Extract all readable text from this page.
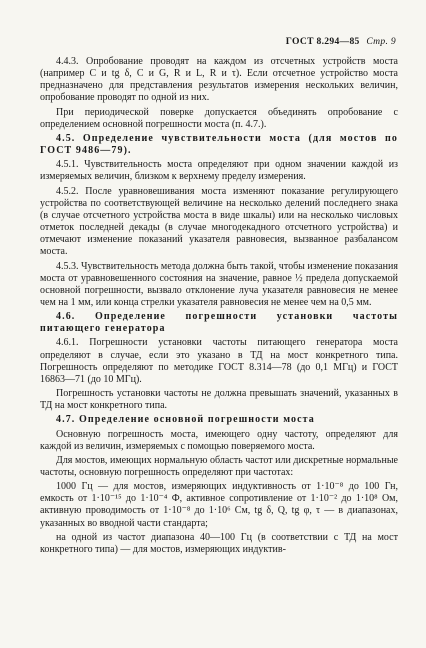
ГОСТ 8.294—85 Стр. 9
4.4.3. Опробование проводят на каждом из отсчетных устройств моста (например С и tg δ, С и G, R и L, R и τ). Если отсчетное устройство моста предназначено для представления результатов измерения нескольких величин, опробование проводят по одной из них.
При периодической поверке допускается объединять опробование с определением основной погрешности моста (п. 4.7.).
4.5. Определение чувствительности моста (для мостов по ГОСТ 9486—79).
4.5.1. Чувствительность моста определяют при одном значении каждой из измеряемых величин, близком к верхнему пределу измерения.
4.5.2. После уравновешивания моста изменяют показание регулирующего устройства по соответствующей величине на несколько делений последнего знака (в случае отсчетного устройства моста в виде шкалы) или на несколько числовых отметок последней декады (в случае многодекадного отсчетного устройства) и отмечают изменение показаний указателя равновесия, вызванное разбалансом моста.
4.5.3. Чувствительность метода должна быть такой, чтобы изменение показания моста от уравновешенного состояния на значение, равное ½ предела допускаемой основной погрешности, вызвало отклонение луча указателя равновесия не менее чем на 1 мм, или конца стрелки указателя равновесия не менее чем на 0,5 мм.
4.6. Определение погрешности установки частоты питающего генератора
4.6.1. Погрешности установки частоты питающего генератора моста определяют в случае, если это указано в ТД на мост конкретного типа. Погрешность определяют по методике ГОСТ 8.314—78 (до 0,1 МГц) и ГОСТ 16863—71 (до 10 МГц).
Погрешность установки частоты не должна превышать значений, указанных в ТД на мост конкретного типа.
4.7. Определение основной погрешности моста
Основную погрешность моста, имеющего одну частоту, определяют для каждой из величин, измеряемых с помощью поверяемого моста.
Для мостов, имеющих нормальную область частот или дискретные нормальные частоты, основную погрешность определяют при частотах:
1000 Гц — для мостов, измеряющих индуктивность от 1·10⁻⁸ до 100 Гн, емкость от 1·10⁻¹⁵ до 1·10⁻⁴ Ф, активное сопротивление от 1·10⁻² до 1·10⁸ Ом, активную проводимость от 1·10⁻⁸ до 1·10⁶ См, tg δ, Q, tg φ, τ — в диапазонах, указанных во вводной части стандарта;
на одной из частот диапазона 40—100 Гц (в соответствии с ТД на мост конкретного типа) — для мостов, измеряющих индуктив-
